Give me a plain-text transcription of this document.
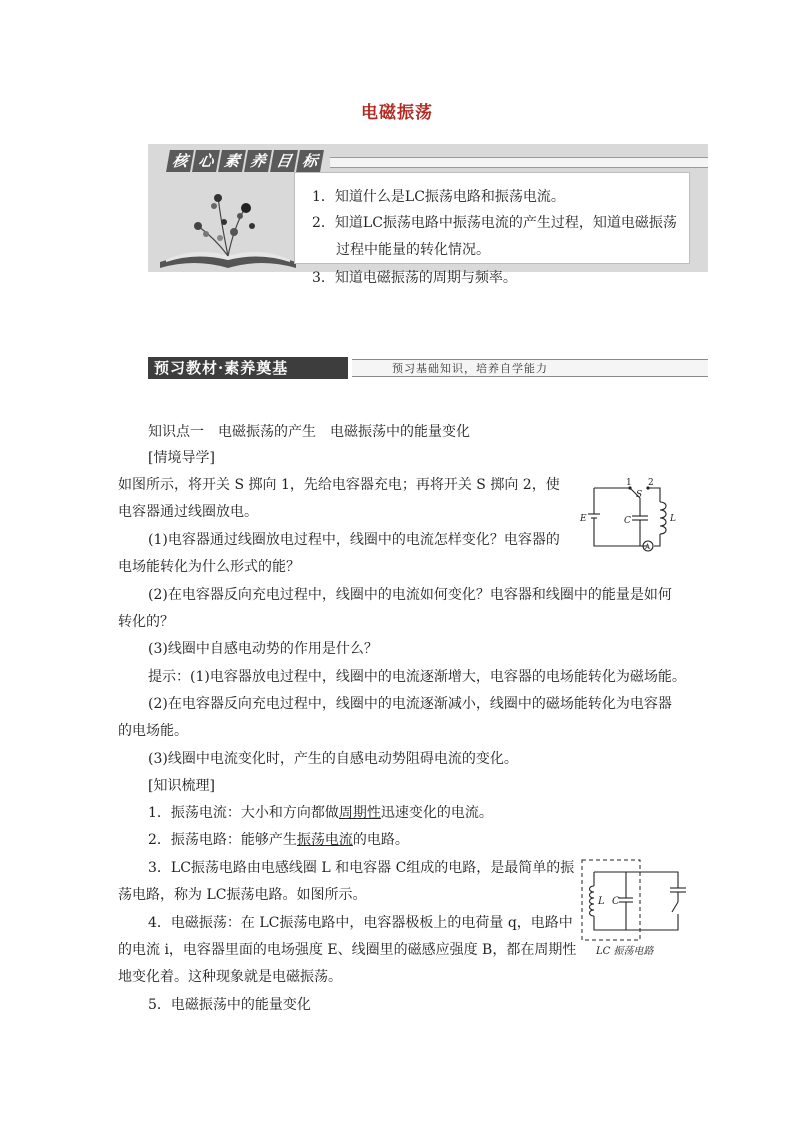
电磁振荡
核 心 素 养 目 标
1．知道什么是LC振荡电路和振荡电流。
2．知道LC振荡电路中振荡电流的产生过程，知道电磁振荡
过程中能量的转化情况。
3．知道电磁振荡的周期与频率。
预习教材·素养奠基	预习基础知识，培养自学能力
知识点一　电磁振荡的产生　电磁振荡中的能量变化
[情境导学]
如图所示，将开关 S 掷向 1，先给电容器充电；再将开关 S 掷向 2，使
电容器通过线圈放电。
(1)电容器通过线圈放电过程中，线圈中的电流怎样变化？电容器的
电场能转化为什么形式的能？
(2)在电容器反向充电过程中，线圈中的电流如何变化？电容器和线圈中的能量是如何
转化的？
(3)线圈中自感电动势的作用是什么？
提示：(1)电容器放电过程中，线圈中的电流逐渐增大，电容器的电场能转化为磁场能。
(2)在电容器反向充电过程中，线圈中的电流逐渐减小，线圈中的磁场能转化为电容器
的电场能。
(3)线圈中电流变化时，产生的自感电动势阻碍电流的变化。
[知识梳理]
1．振荡电流：大小和方向都做周期性迅速变化的电流。
2．振荡电路：能够产生振荡电流的电路。
3．LC振荡电路由电感线圈 L 和电容器 C组成的电路，是最简单的振
荡电路，称为 LC振荡电路。如图所示。
4．电磁振荡：在 LC振荡电路中，电容器极板上的电荷量 q，电路中
的电流 i，电容器里面的电场强度 E、线圈里的磁感应强度 B，都在周期性
地变化着。这种现象就是电磁振荡。
5．电磁振荡中的能量变化
1 2
S
E	C	L
A
L C
LC 振荡电路
